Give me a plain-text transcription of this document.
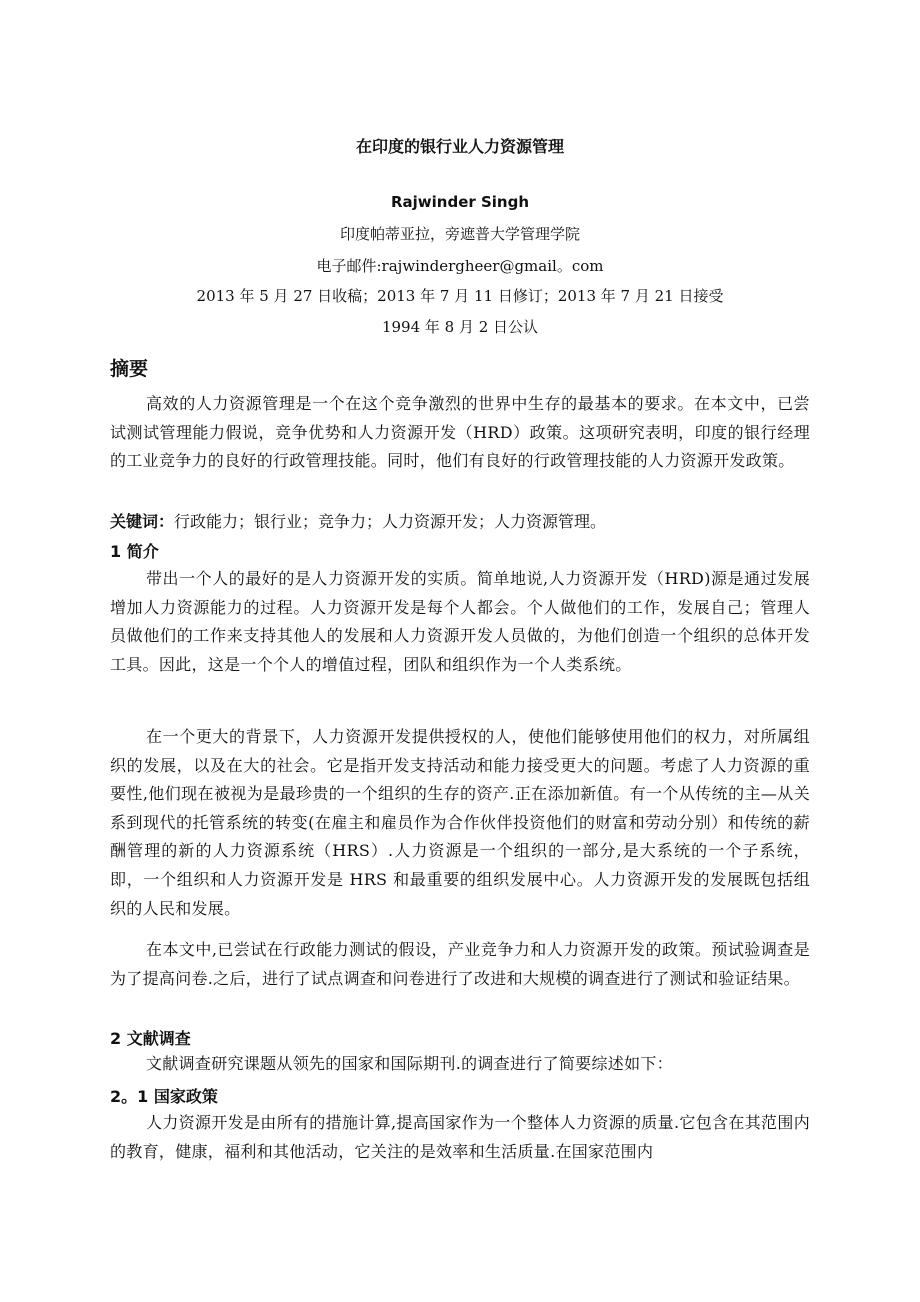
在印度的银行业人力资源管理
Rajwinder Singh
印度帕蒂亚拉，旁遮普大学管理学院
电子邮件:rajwindergheer@gmail。com
2013 年 5 月 27 日收稿；2013 年 7 月 11 日修订；2013 年 7 月 21 日接受
1994 年 8 月 2 日公认
摘要
高效的人力资源管理是一个在这个竞争激烈的世界中生存的最基本的要求。在本文中，已尝试测试管理能力假说，竞争优势和人力资源开发（HRD）政策。这项研究表明，印度的银行经理的工业竞争力的良好的行政管理技能。同时，他们有良好的行政管理技能的人力资源开发政策。
关键词：行政能力；银行业；竞争力；人力资源开发；人力资源管理。
1 简介
带出一个人的最好的是人力资源开发的实质。简单地说,人力资源开发（HRD)源是通过发展增加人力资源能力的过程。人力资源开发是每个人都会。个人做他们的工作，发展自己；管理人员做他们的工作来支持其他人的发展和人力资源开发人员做的，为他们创造一个组织的总体开发工具。因此，这是一个个人的增值过程，团队和组织作为一个人类系统。
在一个更大的背景下，人力资源开发提供授权的人，使他们能够使用他们的权力，对所属组织的发展，以及在大的社会。它是指开发支持活动和能力接受更大的问题。考虑了人力资源的重要性,他们现在被视为是最珍贵的一个组织的生存的资产.正在添加新值。有一个从传统的主—从关系到现代的托管系统的转变(在雇主和雇员作为合作伙伴投资他们的财富和劳动分别）和传统的薪酬管理的新的人力资源系统（HRS）.人力资源是一个组织的一部分,是大系统的一个子系统，即，一个组织和人力资源开发是 HRS 和最重要的组织发展中心。人力资源开发的发展既包括组织的人民和发展。
在本文中,已尝试在行政能力测试的假设，产业竞争力和人力资源开发的政策。预试验调查是为了提高问卷.之后，进行了试点调查和问卷进行了改进和大规模的调查进行了测试和验证结果。
2 文献调查
文献调查研究课题从领先的国家和国际期刊.的调查进行了简要综述如下：
2。1 国家政策
人力资源开发是由所有的措施计算,提高国家作为一个整体人力资源的质量.它包含在其范围内的教育，健康，福利和其他活动，它关注的是效率和生活质量.在国家范围内
